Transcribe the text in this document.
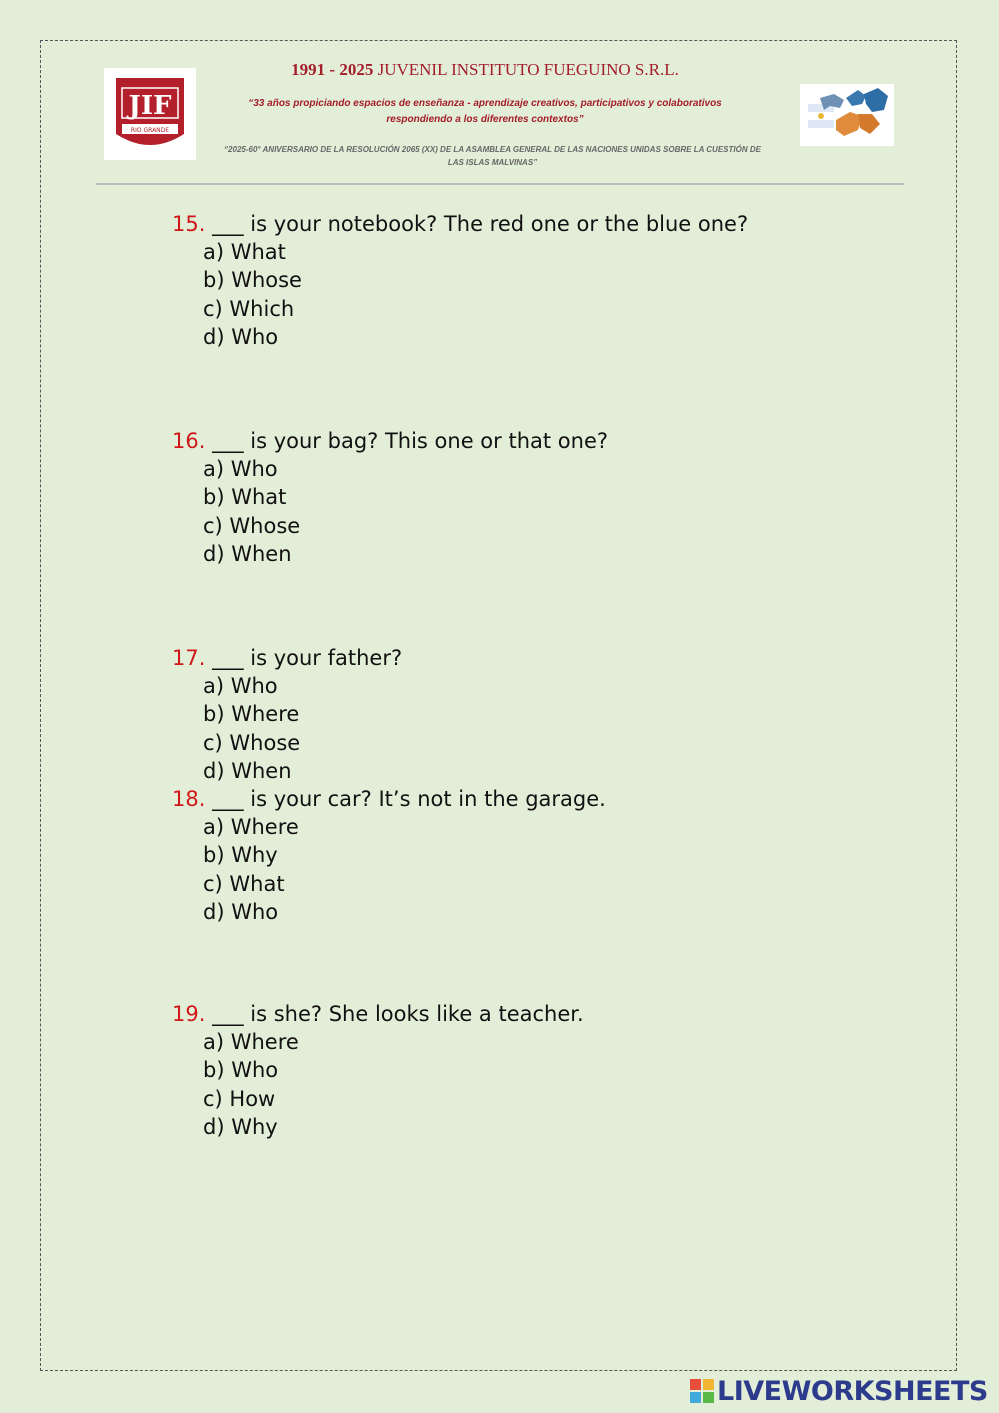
JIF
RIO GRANDE
1991 - 2025 JUVENIL INSTITUTO FUEGUINO S.R.L.
“33 años propiciando espacios de enseñanza - aprendizaje creativos, participativos y colaborativos
respondiendo a los diferentes contextos”
“2025-60° ANIVERSARIO DE LA RESOLUCIÓN 2065 (XX) DE LA ASAMBLEA GENERAL DE LAS NACIONES UNIDAS SOBRE LA CUESTIÓN DE
LAS ISLAS MALVINAS”
15. ___ is your notebook? The red one or the blue one?
a) What
b) Whose
c) Which
d) Who
16. ___ is your bag? This one or that one?
a) Who
b) What
c) Whose
d) When
17. ___ is your father?
a) Who
b) Where
c) Whose
d) When
18. ___ is your car? It’s not in the garage.
a) Where
b) Why
c) What
d) Who
19. ___ is she? She looks like a teacher.
a) Where
b) Who
c) How
d) Why
LIVEWORKSHEETS
